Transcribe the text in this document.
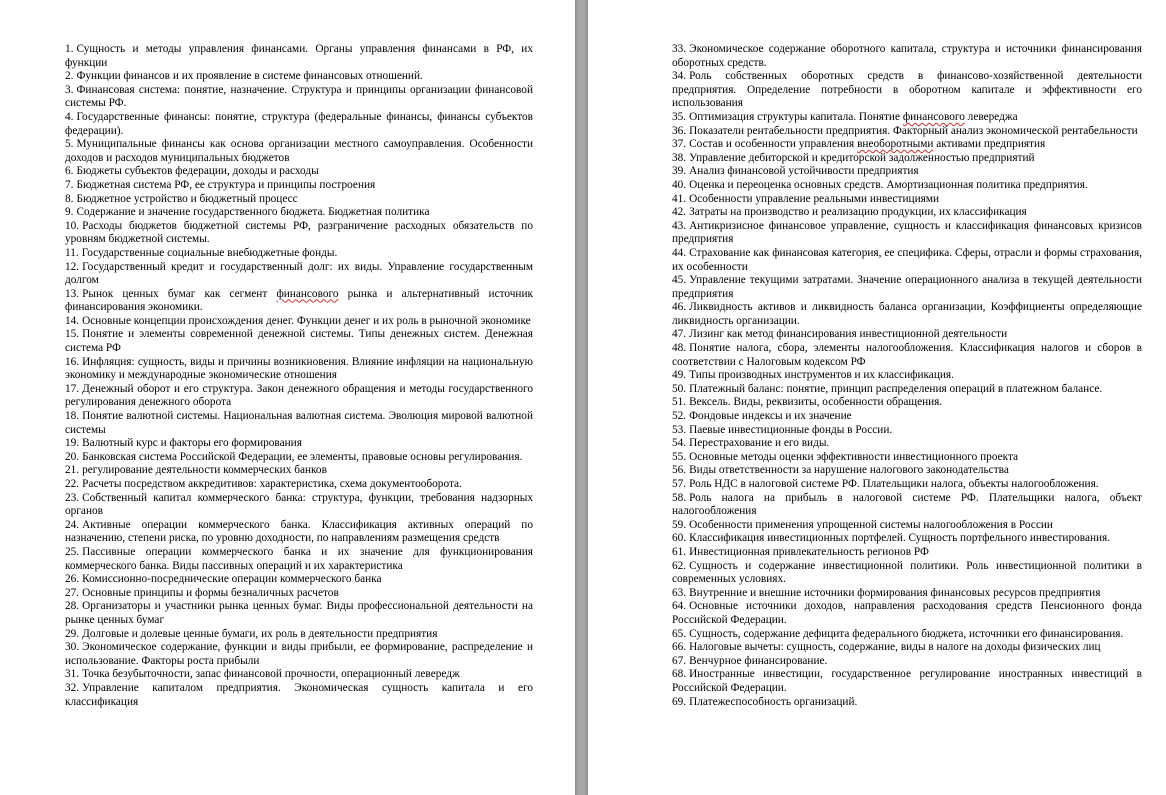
1. Сущность и методы управления финансами. Органы управления финансами в РФ, их функции

2. Функции финансов и их проявление в системе финансовых отношений.

3. Финансовая система: понятие, назначение. Структура и принципы организации финансовой системы РФ.

4. Государственные финансы: понятие, структура (федеральные финансы, финансы субъектов федерации).

5. Муниципальные финансы как основа организации местного самоуправления. Особенности доходов и расходов муниципальных бюджетов

6. Бюджеты субъектов федерации, доходы и расходы

7. Бюджетная система РФ, ее структура и принципы построения

8. Бюджетное устройство и бюджетный процесс

9. Содержание и значение государственного бюджета. Бюджетная политика

10. Расходы бюджетов бюджетной системы РФ, разграничение расходных обязательств по уровням бюджетной системы.

11. Государственные социальные внебюджетные фонды.

12. Государственный кредит и государственный долг: их виды. Управление государственным долгом

13. Рынок ценных бумаг как сегмент финансового рынка и альтернативный источник финансирования экономики.

14. Основные концепции происхождения денег. Функции денег и их роль в рыночной экономике

15. Понятие и элементы современной денежной системы. Типы денежных систем. Денежная система РФ

16. Инфляция: сущность, виды и причины возникновения. Влияние инфляции на национальную экономику и международные экономические отношения

17. Денежный оборот и его структура. Закон денежного обращения и методы государственного регулирования денежного оборота

18. Понятие валютной системы. Национальная валютная система. Эволюция мировой валютной системы

19. Валютный курс и факторы его формирования

20. Банковская система Российской Федерации, ее элементы, правовые основы регулирования.

21. регулирование деятельности коммерческих банков

22. Расчеты посредством аккредитивов: характеристика, схема документооборота.

23. Собственный капитал коммерческого банка: структура, функции, требования надзорных органов

24. Активные операции коммерческого банка. Классификация активных операций по назначению, степени риска, по уровню доходности, по направлениям размещения средств

25. Пассивные операции коммерческого банка и их значение для функционирования коммерческого банка. Виды пассивных операций и их характеристика

26. Комиссионно-посреднические операции коммерческого банка

27. Основные принципы и формы безналичных расчетов

28. Организаторы и участники рынка ценных бумаг. Виды профессиональной деятельности на рынке ценных бумаг

29. Долговые и долевые ценные бумаги, их роль в деятельности предприятия

30. Экономическое содержание, функции и виды прибыли, ее формирование, распределение и использование. Факторы роста прибыли

31. Точка безубыточности, запас финансовой прочности, операционный левередж

32. Управление капиталом предприятия. Экономическая сущность капитала и его классификация

33. Экономическое содержание оборотного капитала, структура и источники финансирования оборотных средств.

34. Роль собственных оборотных средств в финансово-хозяйственной деятельности предприятия. Определение потребности в оборотном капитале и эффективности его использования

35. Оптимизация структуры капитала. Понятие финансового левереджа

36. Показатели рентабельности предприятия. Факторный анализ экономической рентабельности

37. Состав и особенности управления внеоборотными активами предприятия

38. Управление дебиторской и кредиторской задолженностью предприятий

39. Анализ финансовой устойчивости предприятия

40. Оценка и переоценка основных средств. Амортизационная политика предприятия.

41. Особенности управление реальными инвестициями

42. Затраты на производство и реализацию продукции, их классификация

43. Антикризисное финансовое управление, сущность и классификация финансовых кризисов предприятия

44. Страхование как финансовая категория, ее специфика. Сферы, отрасли и формы страхования, их особенности

45. Управление текущими затратами. Значение операционного анализа в текущей деятельности предприятия

46. Ликвидность активов и ликвидность баланса организации, Коэффициенты определяющие ликвидность организации.

47. Лизинг как метод финансирования инвестиционной деятельности

48. Понятие налога, сбора, элементы налогообложения. Классификация налогов и сборов в соответствии с Налоговым кодексом РФ

49. Типы производных инструментов и их классификация.

50. Платежный баланс: понятие, принцип распределения операций в платежном балансе.

51. Вексель. Виды, реквизиты, особенности обращения.

52. Фондовые индексы и их значение

53. Паевые инвестиционные фонды в России.

54. Перестрахование и его виды.

55. Основные методы оценки эффективности инвестиционного проекта

56. Виды ответственности за нарушение налогового законодательства

57. Роль НДС в налоговой системе РФ. Плательщики налога, объекты налогообложения.

58. Роль налога на прибыль в налоговой системе РФ. Плательщики налога, объект налогообложения

59. Особенности применения упрощенной системы налогообложения в России

60. Классификация инвестиционных портфелей. Сущность портфельного инвестирования.

61. Инвестиционная привлекательность регионов РФ

62. Сущность и содержание инвестиционной политики. Роль инвестиционной политики в современных условиях.

63. Внутренние и внешние источники формирования финансовых ресурсов предприятия

64. Основные источники доходов, направления расходования средств Пенсионного фонда Российской Федерации.

65. Сущность, содержание дефицита федерального бюджета, источники его финансирования.

66. Налоговые вычеты: сущность, содержание, виды в налоге на доходы физических лиц

67. Венчурное финансирование.

68. Иностранные инвестиции, государственное регулирование иностранных инвестиций в Российской Федерации.

69. Платежеспособность организаций.
